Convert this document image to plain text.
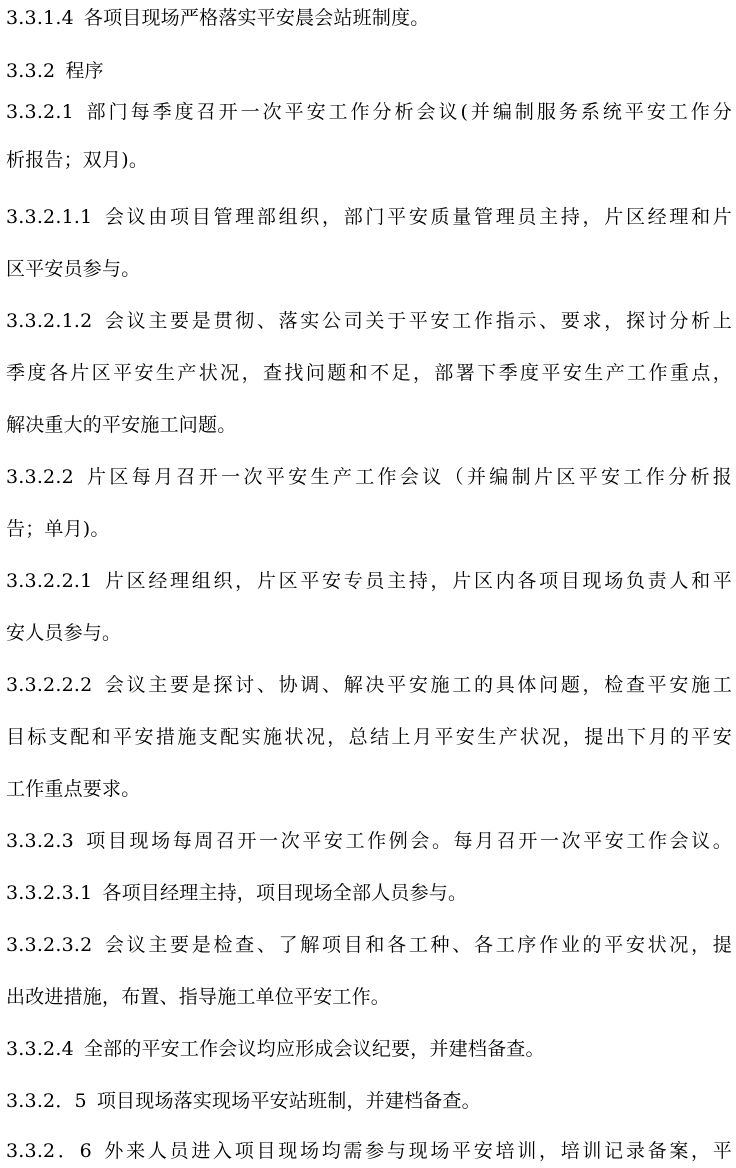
3.3.1.4 各项目现场严格落实平安晨会站班制度。
3.3.2 程序
3.3.2.1 部门每季度召开一次平安工作分析会议(并编制服务系统平安工作分
析报告；双月)。
3.3.2.1.1 会议由项目管理部组织，部门平安质量管理员主持，片区经理和片
区平安员参与。
3.3.2.1.2 会议主要是贯彻、落实公司关于平安工作指示、要求，探讨分析上
季度各片区平安生产状况，查找问题和不足，部署下季度平安生产工作重点，
解决重大的平安施工问题。
3.3.2.2 片区每月召开一次平安生产工作会议（并编制片区平安工作分析报
告；单月)。
3.3.2.2.1 片区经理组织，片区平安专员主持，片区内各项目现场负责人和平
安人员参与。
3.3.2.2.2 会议主要是探讨、协调、解决平安施工的具体问题，检查平安施工
目标支配和平安措施支配实施状况，总结上月平安生产状况，提出下月的平安
工作重点要求。
3.3.2.3 项目现场每周召开一次平安工作例会。每月召开一次平安工作会议。
3.3.2.3.1 各项目经理主持，项目现场全部人员参与。
3.3.2.3.2 会议主要是检查、了解项目和各工种、各工序作业的平安状况，提
出改进措施，布置、指导施工单位平安工作。
3.3.2.4 全部的平安工作会议均应形成会议纪要，并建档备查。
3.3.2．5 项目现场落实现场平安站班制，并建档备查。
3.3.2．6 外来人员进入项目现场均需参与现场平安培训，培训记录备案，平
